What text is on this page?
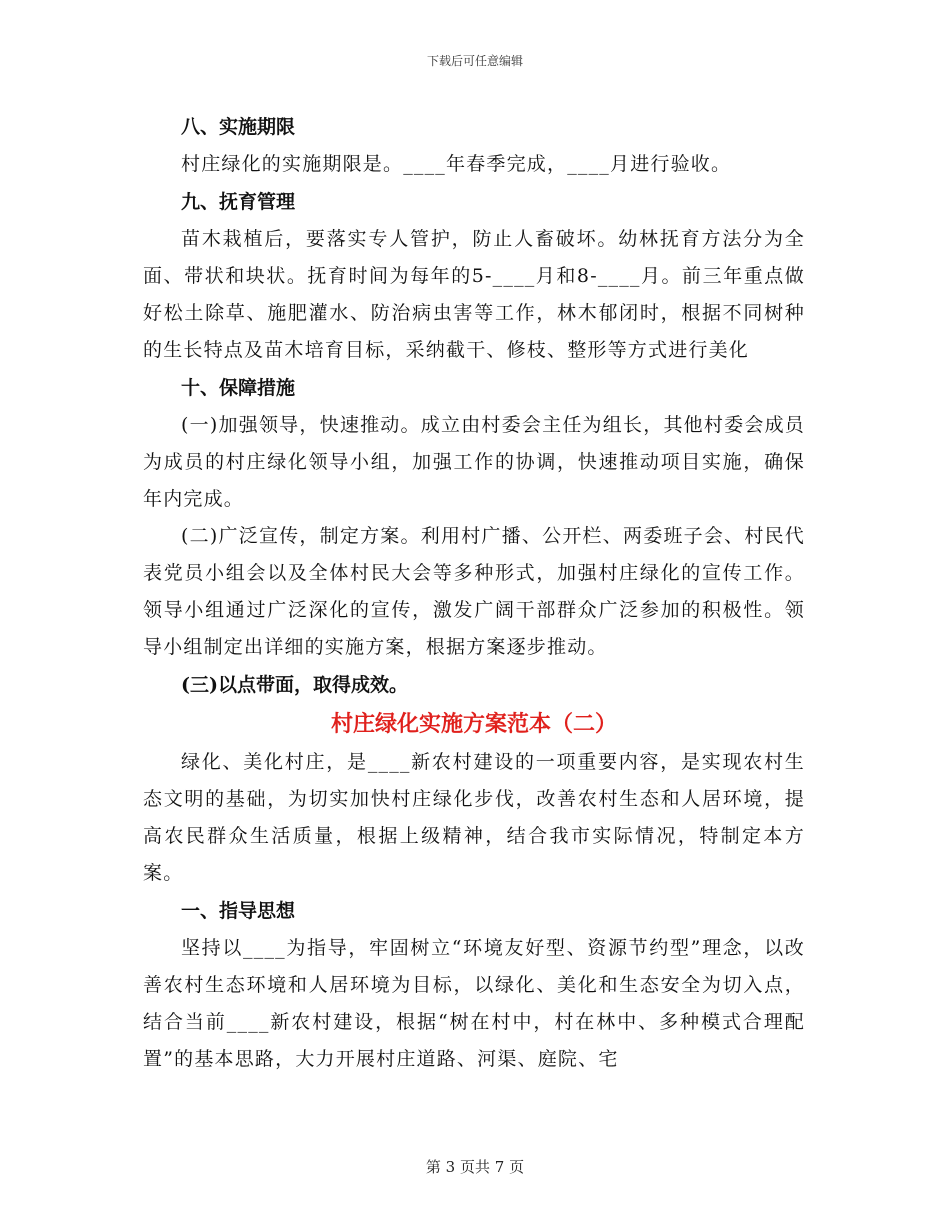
下载后可任意编辑

八、实施期限

村庄绿化的实施期限是。____年春季完成，____月进行验收。

九、抚育管理

苗木栽植后，要落实专人管护，防止人畜破坏。幼林抚育方法分为全面、带状和块状。抚育时间为每年的5-____月和8-____月。前三年重点做好松土除草、施肥灌水、防治病虫害等工作，林木郁闭时，根据不同树种的生长特点及苗木培育目标，采纳截干、修枝、整形等方式进行美化

十、保障措施

(一)加强领导，快速推动。成立由村委会主任为组长，其他村委会成员为成员的村庄绿化领导小组，加强工作的协调，快速推动项目实施，确保年内完成。

(二)广泛宣传，制定方案。利用村广播、公开栏、两委班子会、村民代表党员小组会以及全体村民大会等多种形式，加强村庄绿化的宣传工作。领导小组通过广泛深化的宣传，激发广阔干部群众广泛参加的积极性。领导小组制定出详细的实施方案，根据方案逐步推动。

(三)以点带面，取得成效。

村庄绿化实施方案范本（二）

绿化、美化村庄，是____新农村建设的一项重要内容，是实现农村生态文明的基础，为切实加快村庄绿化步伐，改善农村生态和人居环境，提高农民群众生活质量，根据上级精神，结合我市实际情况，特制定本方案。

一、指导思想

坚持以____为指导，牢固树立“环境友好型、资源节约型”理念，以改善农村生态环境和人居环境为目标，以绿化、美化和生态安全为切入点，结合当前____新农村建设，根据“树在村中，村在林中、多种模式合理配置”的基本思路，大力开展村庄道路、河渠、庭院、宅

第 3 页共 7 页
